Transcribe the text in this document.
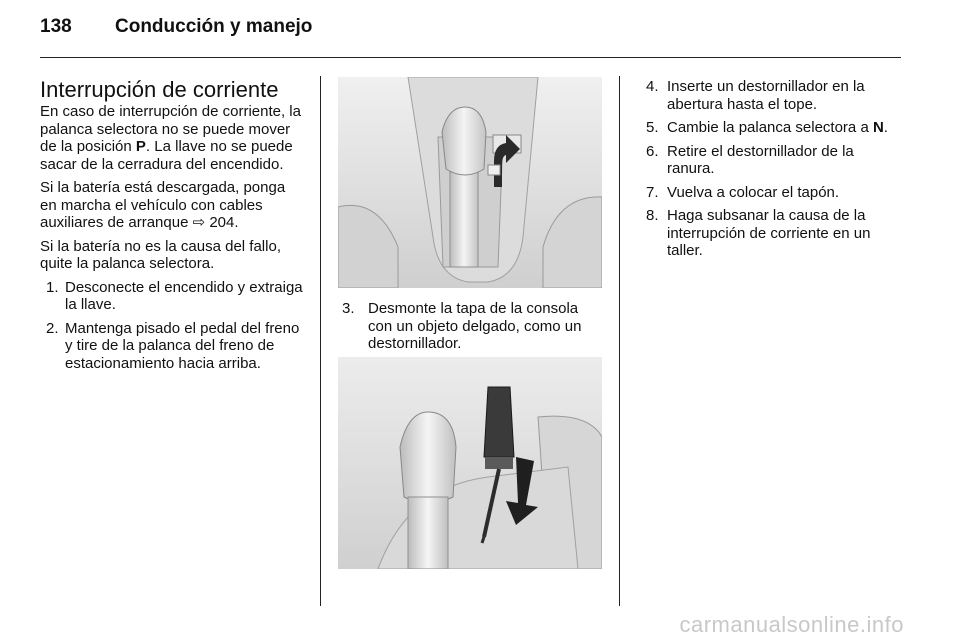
138 Conducción y manejo
Interrupción de corriente

En caso de interrupción de corriente, la palanca selectora no se puede mover de la posición P. La llave no se puede sacar de la cerradura del encendido.

Si la batería está descargada, ponga en marcha el vehículo con cables auxiliares de arranque ⇨ 204.

Si la batería no es la causa del fallo, quite la palanca selectora.

1. Desconecte el encendido y extraiga la llave.
2. Mantenga pisado el pedal del freno y tire de la palanca del freno de estacionamiento hacia arriba.
3. Desmonte la tapa de la consola con un objeto delgado, como un destornillador.
4. Inserte un destornillador en la abertura hasta el tope.
5. Cambie la palanca selectora a N.
6. Retire el destornillador de la ranura.
7. Vuelva a colocar el tapón.
8. Haga subsanar la causa de la interrupción de corriente en un taller.
carmanualsonline.info
